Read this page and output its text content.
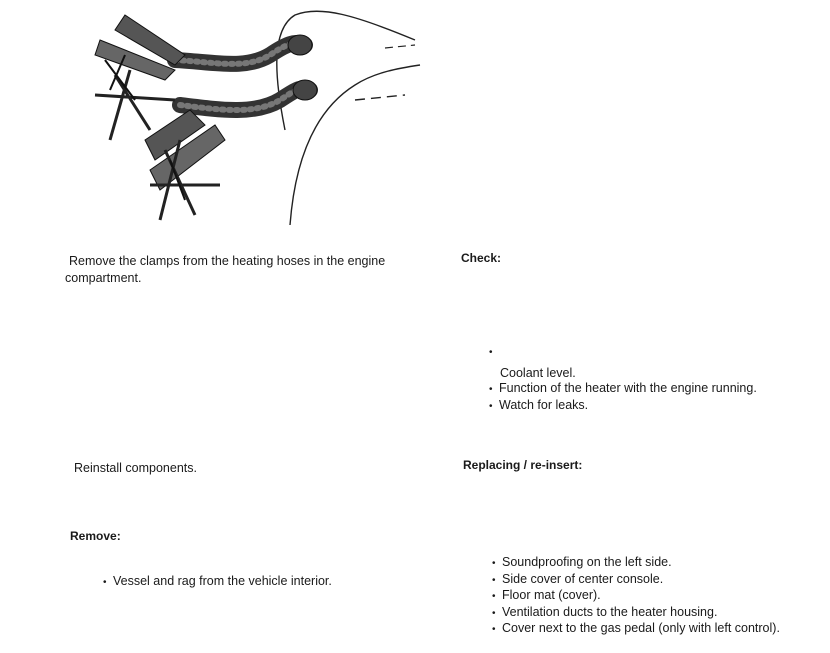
Remove the clamps from the heating hoses in the engine
compartment.
Reinstall components.
Remove:
• Vessel and rag from the vehicle interior.
Check:
•
Coolant level.
• Function of the heater with the engine running.
• Watch for leaks.
Replacing / re-insert:
• Soundproofing on the left side.
• Side cover of center console.
• Floor mat (cover).
• Ventilation ducts to the heater housing.
• Cover next to the gas pedal (only with left control).
